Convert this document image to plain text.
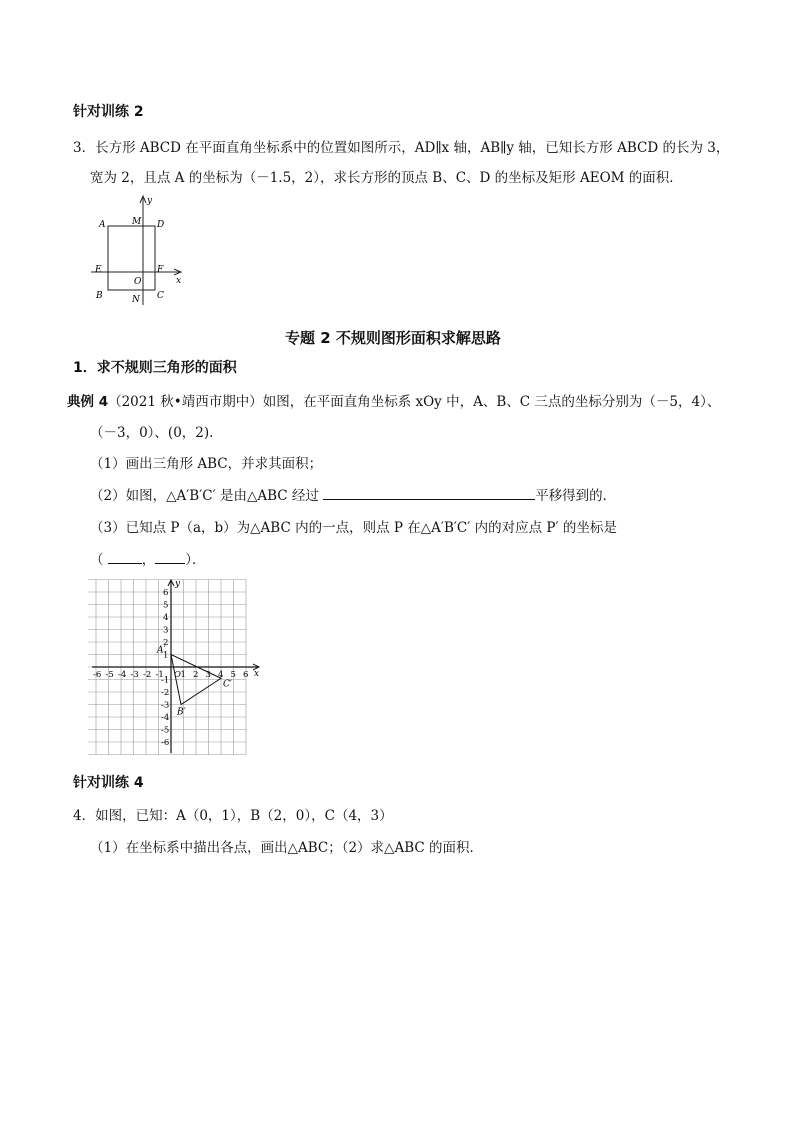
针对训练 2
3．长方形 ABCD 在平面直角坐标系中的位置如图所示，AD∥x 轴，AB∥y 轴，已知长方形 ABCD 的长为 3，
宽为 2，且点 A 的坐标为（－1.5，2），求长方形的顶点 B、C、D 的坐标及矩形 AEOM 的面积．
y
x
A	M D
E
O
F
B	N C
专题 2 不规则图形面积求解思路
1．求不规则三角形的面积
典例 4（2021 秋•靖西市期中）如图，在平面直角坐标系 xOy 中，A、B、C 三点的坐标分别为（－5，4）、
（－3，0）、(0，2)．
（1）画出三角形 ABC，并求其面积；
（2）如图，△A′B′C′ 是由△ABC 经过	平移得到的．
（3）已知点 P（a，b）为△ABC 内的一点，则点 P 在△A′B′C′ 内的对应点 P′ 的坐标是
（	， ）．
x
y
-6 -5 -4 -3 -2 -1 O 1 2 3 4 5 6
6
5
4
3
2
1
-1
-2
-3
-4
-5
-6
A′
B′
C′
针对训练 4
4．如图，已知：A（0，1），B（2，0），C（4，3）
（1）在坐标系中描出各点，画出△ABC；（2）求△ABC 的面积．
